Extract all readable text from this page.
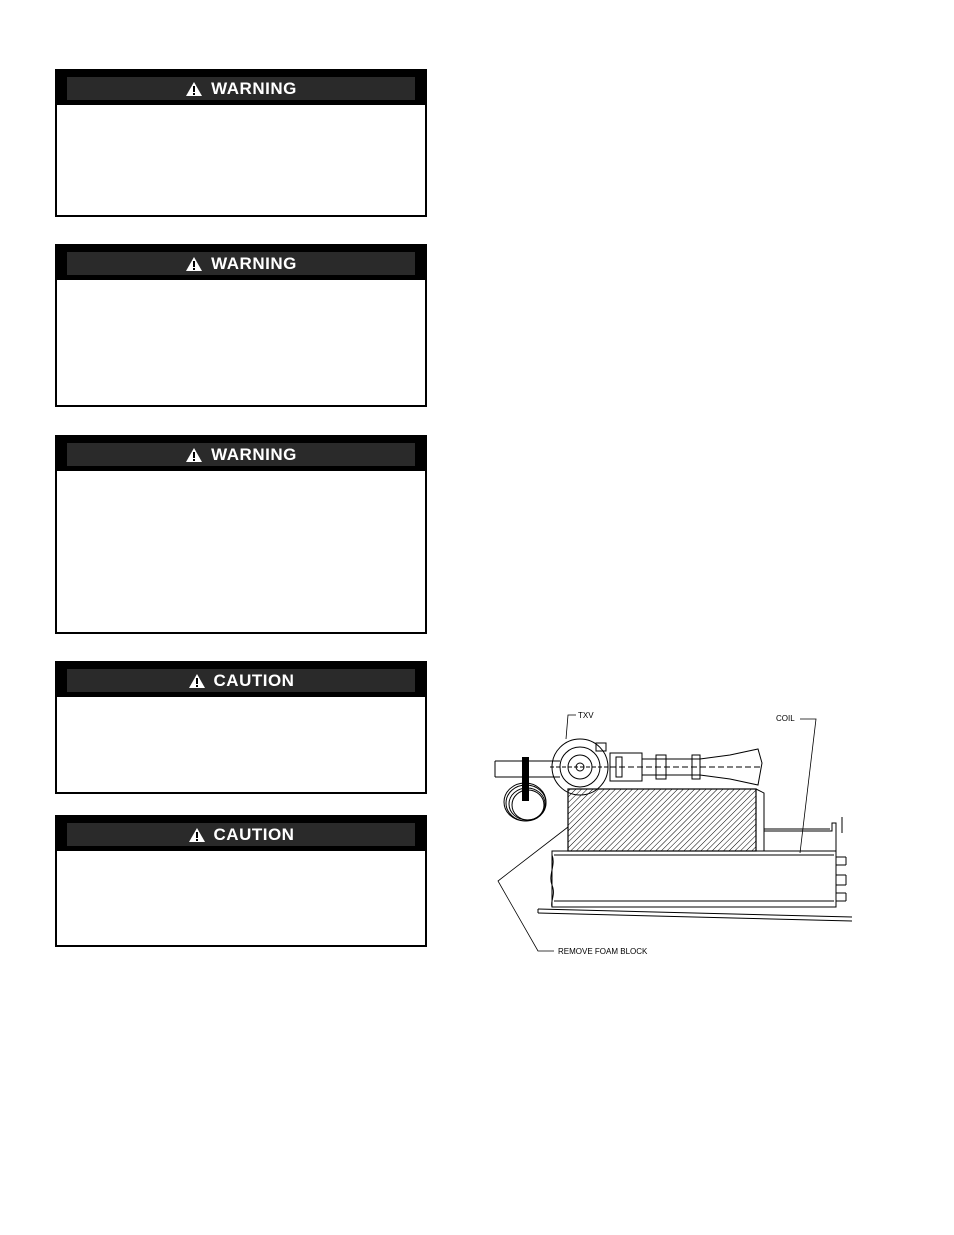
WARNING
WARNING
WARNING
CAUTION
CAUTION
TXV	COIL
REMOVE FOAM BLOCK
